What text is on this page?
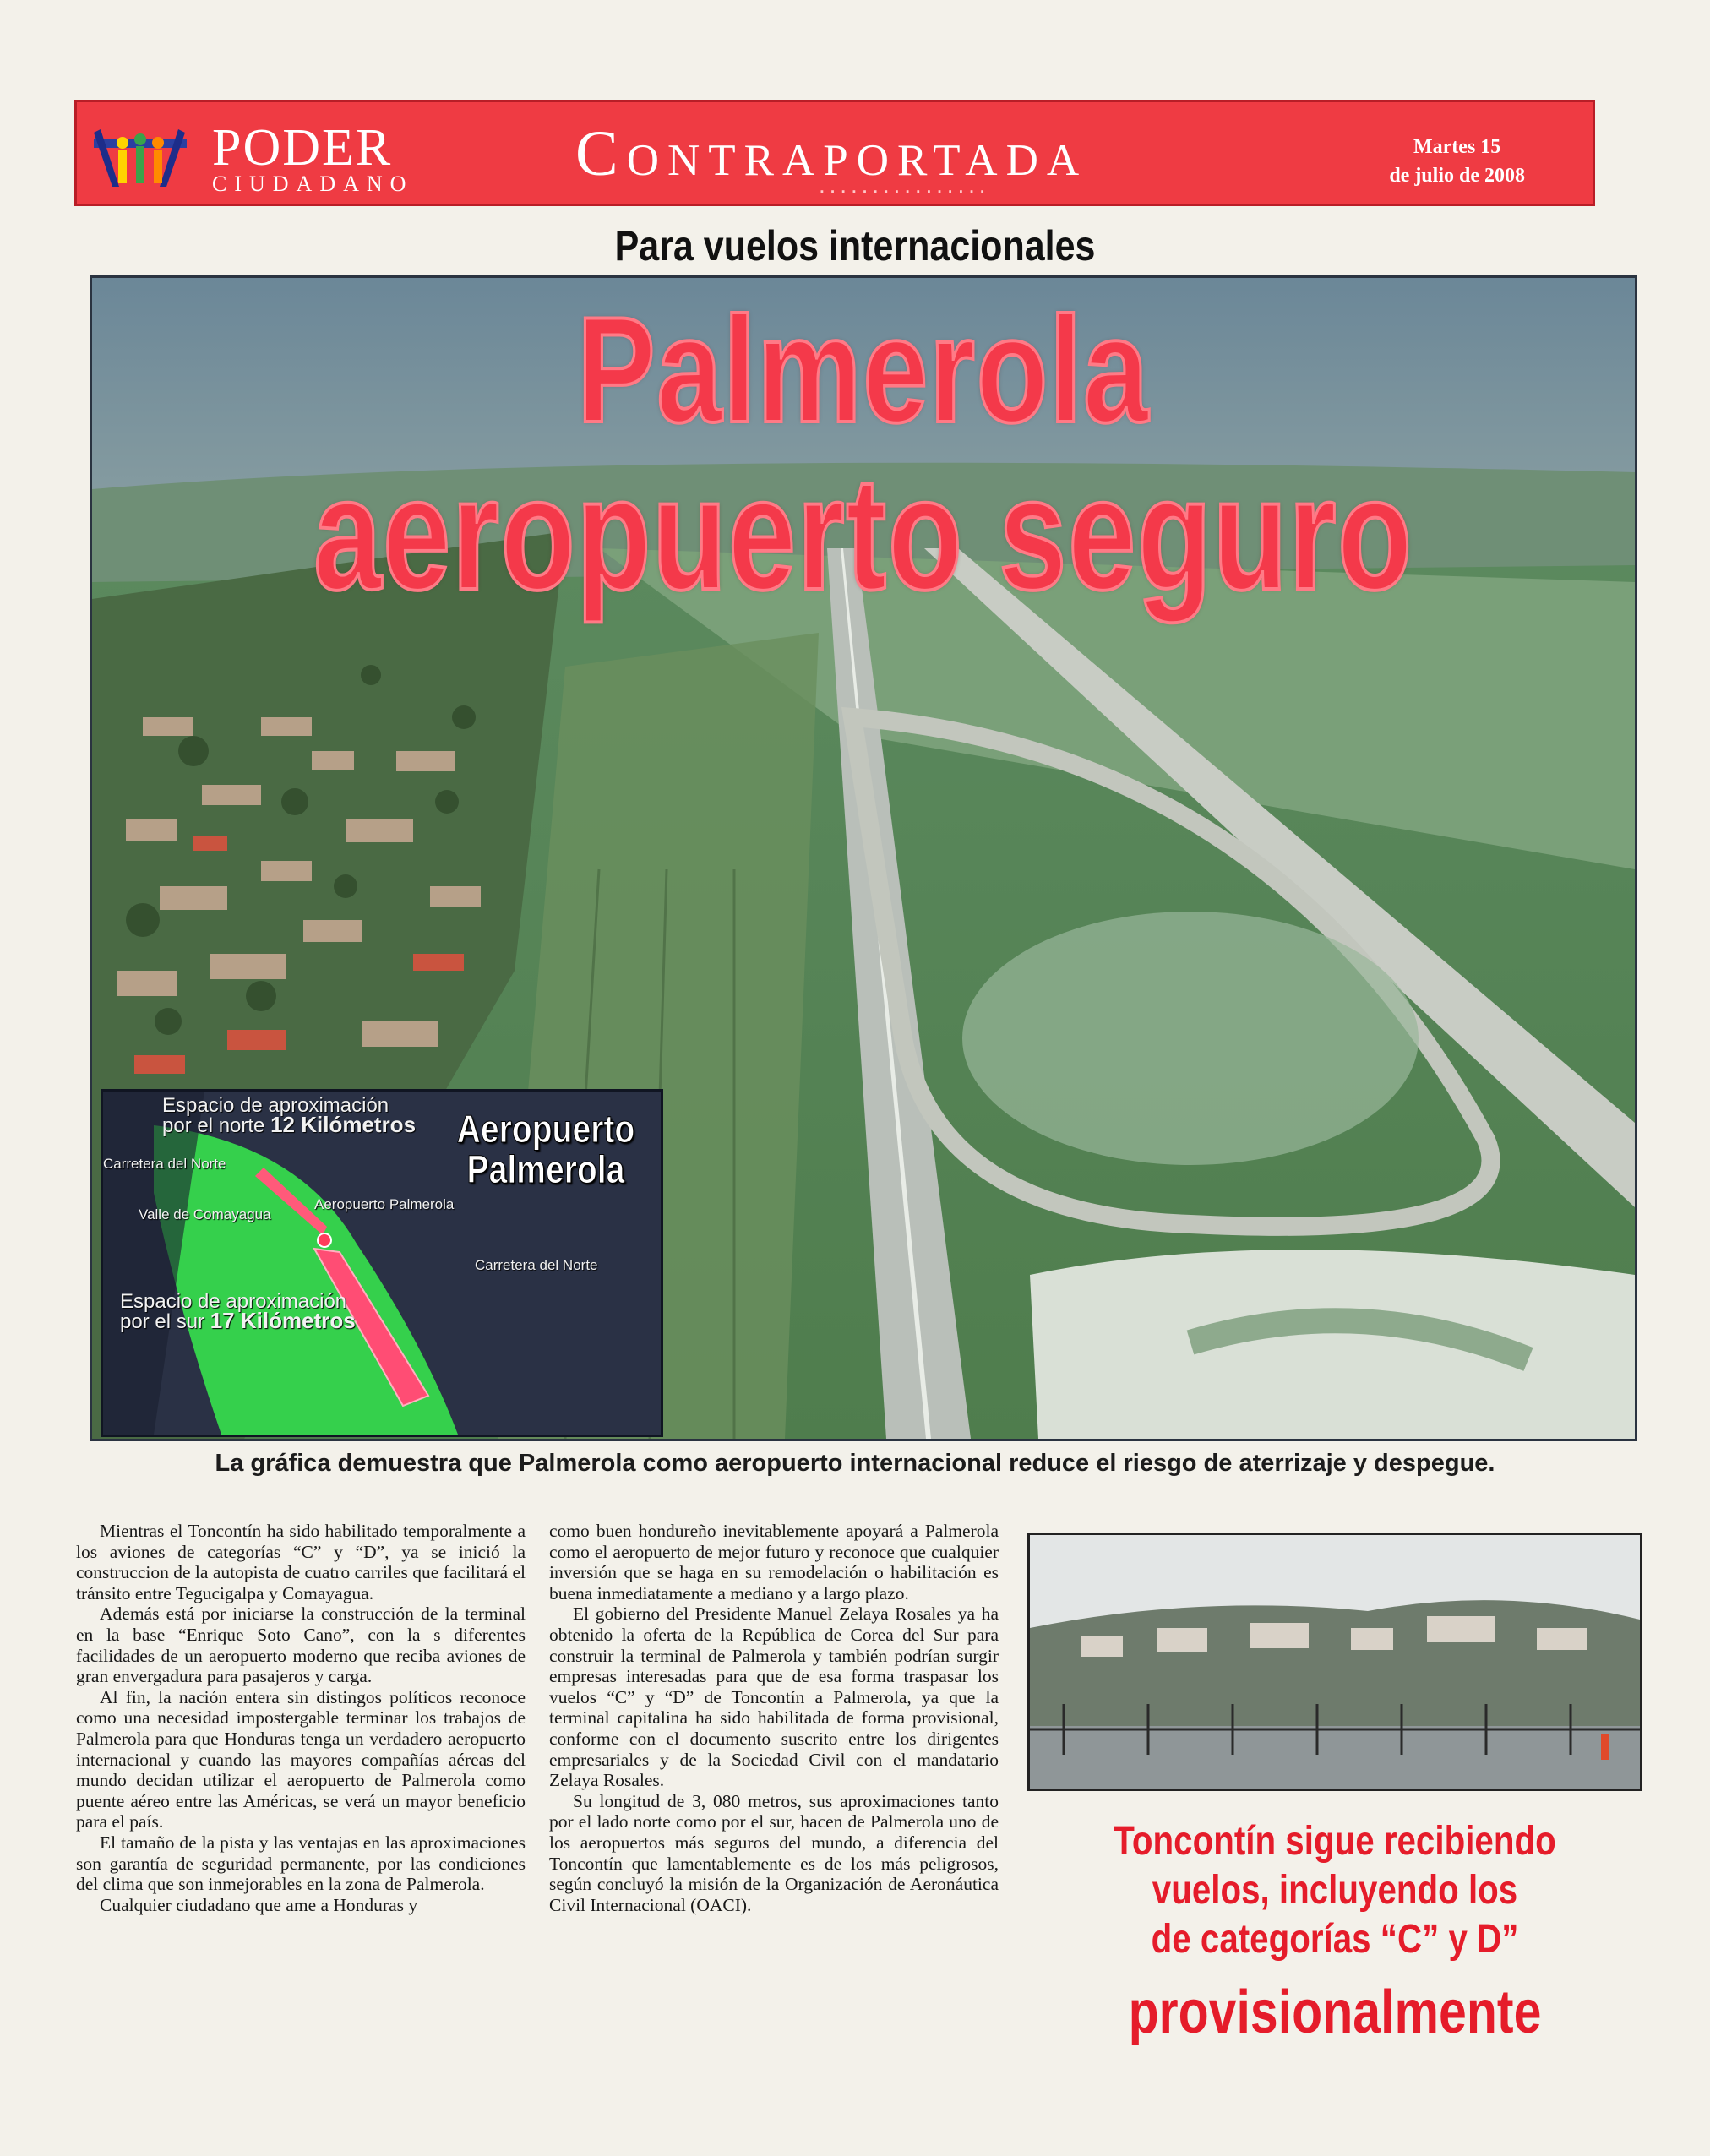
PODER
CIUDADANO	Contraportada
▪ ▪ ▪ ▪ ▪ ▪ ▪ ▪ ▪ ▪ ▪ ▪ ▪ ▪ ▪ ▪
Martes 15
de julio de 2008
Para vuelos internacionales
Palmerola
aeropuerto seguro
Aeropuerto
Palmerola
Espacio de aproximación
por el norte 12 Kilómetros
Carretera del Norte
Valle de Comayagua
Aeropuerto Palmerola
Carretera del Norte
Espacio de aproximación
por el sur 17 Kilómetros
La gráfica demuestra que Palmerola como aeropuerto internacional reduce el riesgo de aterrizaje y despegue.

Mientras el Toncontín ha sido habilitado temporalmente a los aviones de categorías “C” y “D”, ya se inició la construccion de la autopista de cuatro carriles que facilitará el tránsito entre Tegucigalpa y Comayagua.

Además está por iniciarse la construcción de la terminal en la base “Enrique Soto Cano”, con la s diferentes facilidades de un aeropuerto moderno que reciba aviones de gran envergadura para pasajeros y carga.

Al fin, la nación entera sin distingos políticos reconoce como una necesidad impostergable terminar los trabajos de Palmerola para que Honduras tenga un verdadero aeropuerto internacional y cuando las mayores compañías aéreas del mundo decidan utilizar el aeropuerto de Palmerola como puente aéreo entre las Américas, se verá un mayor beneficio para el país.

El tamaño de la pista y las ventajas en las aproximaciones son garantía de seguridad permanente, por las condiciones del clima que son inmejorables en la zona de Palmerola.

Cualquier ciudadano que ame a Honduras y

como buen hondureño inevitablemente apoyará a Palmerola como el aeropuerto de mejor futuro y reconoce que cualquier inversión que se haga en su remodelación o habilitación es buena inmediatamente a mediano y a largo plazo.

El gobierno del Presidente Manuel Zelaya Rosales ya ha obtenido la oferta de la República de Corea del Sur para construir la terminal de Palmerola y también podrían surgir empresas interesadas para que de esa forma traspasar los vuelos “C” y “D” de Toncontín a Palmerola, ya que la terminal capitalina ha sido habilitada de forma provisional, conforme con el documento suscrito entre los dirigentes empresariales y de la Sociedad Civil con el mandatario Zelaya Rosales.

Su longitud de 3, 080 metros, sus aproximaciones tanto por el lado norte como por el sur, hacen de Palmerola uno de los aeropuertos más seguros del mundo, a diferencia del Toncontín que lamentablemente es de los más peligrosos, según concluyó la misión de la Organización de Aeronáutica Civil Internacional (OACI).

Toncontín sigue recibiendo
vuelos, incluyendo los
de categorías “C” y D”
provisionalmente
